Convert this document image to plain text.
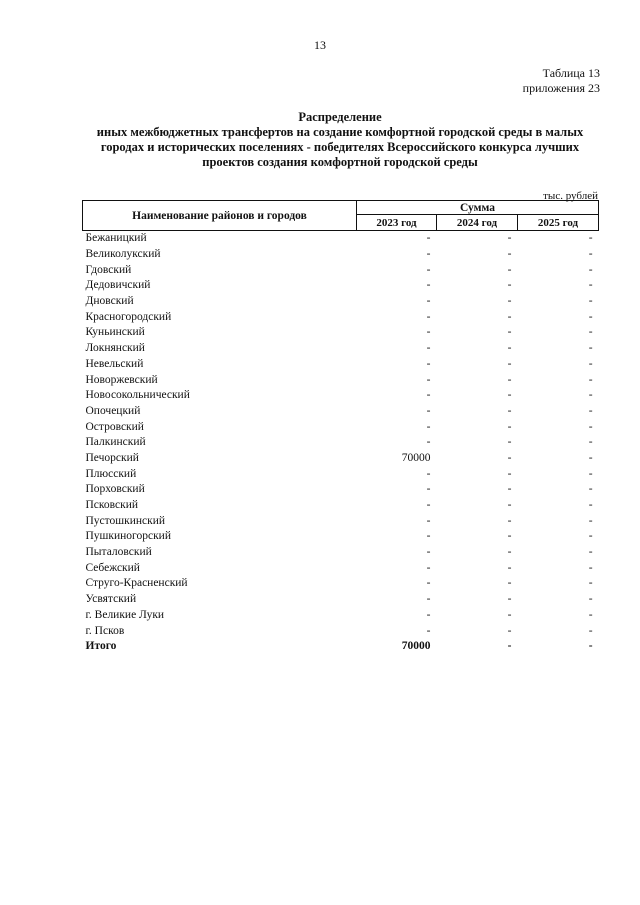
13
Таблица 13
приложения 23
Распределение
иных межбюджетных трансфертов на создание комфортной городской среды в малых
городах и исторических поселениях - победителях Всероссийского конкурса лучших
проектов создания комфортной городской среды
тыс. рублей
Наименование районов и городов	Сумма		
	2023 год	2024 год	2025 год
Бежаницкий	-	-	-
Великолукский	-	-	-
Гдовский	-	-	-
Дедовичский	-	-	-
Дновский	-	-	-
Красногородский	-	-	-
Куньинский	-	-	-
Локнянский	-	-	-
Невельский	-	-	-
Новоржевский	-	-	-
Новосокольнический	-	-	-
Опочецкий	-	-	-
Островский	-	-	-
Палкинский	-	-	-
Печорский	70000	-	-
Плюсский	-	-	-
Порховский	-	-	-
Псковский	-	-	-
Пустошкинский	-	-	-
Пушкиногорский	-	-	-
Пыталовский	-	-	-
Себежский	-	-	-
Струго-Красненский	-	-	-
Усвятский	-	-	-
г. Великие Луки	-	-	-
г. Псков	-	-	-
Итого	70000	-	-
